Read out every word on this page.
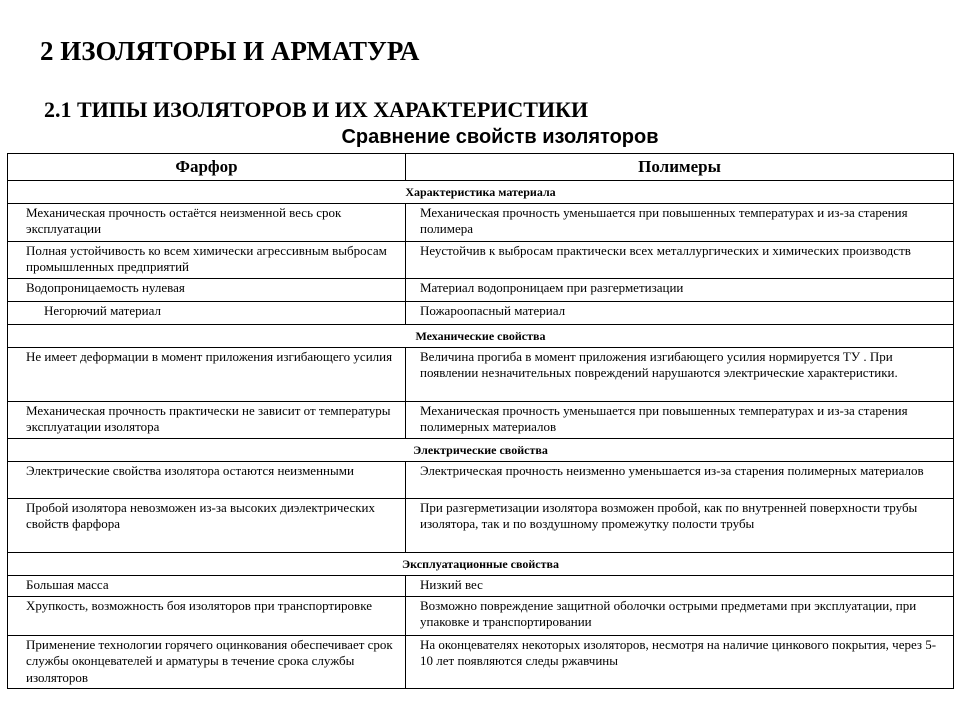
2 ИЗОЛЯТОРЫ И АРМАТУРА
2.1 ТИПЫ ИЗОЛЯТОРОВ И ИХ ХАРАКТЕРИСТИКИ
Сравнение свойств изоляторов
Фарфор	Полимеры
Характеристика материала	
Механическая прочность остаётся неизменной весь срок эксплуатации	Механическая прочность уменьшается при повышенных температурах и из-за старения полимера
Полная устойчивость ко всем химически агрессивным выбросам промышленных предприятий	Неустойчив к выбросам практически всех металлургических и химических производств
Водопроницаемость нулевая	Материал водопроницаем при разгерметизации
Негорючий материал	Пожароопасный материал
Механические свойства	
Не имеет деформации в момент приложения изгибающего усилия	Величина прогиба в момент приложения изгибающего усилия нормируется ТУ . При появлении незначительных повреждений нарушаются электрические характеристики.
Механическая прочность практически не зависит от температуры эксплуатации изолятора	Механическая прочность уменьшается при повышенных температурах и из-за старения полимерных материалов
Электрические свойства	
Электрические свойства изолятора остаются неизменными	Электрическая прочность неизменно уменьшается из-за старения полимерных материалов
Пробой изолятора невозможен из-за высоких диэлектрических свойств фарфора	При разгерметизации изолятора возможен пробой, как по внутренней поверхности трубы изолятора, так и по воздушному промежутку полости трубы
Эксплуатационные свойства	
Большая масса	Низкий вес
Хрупкость, возможность боя изоляторов при транспортировке	Возможно повреждение защитной оболочки острыми предметами при эксплуатации, при упаковке и транспортировании
Применение технологии горячего оцинкования обеспечивает срок службы оконцевателей и арматуры в течение срока службы изоляторов	На оконцевателях некоторых изоляторов, несмотря на наличие цинкового покрытия, через 5-10 лет появляются следы ржавчины
